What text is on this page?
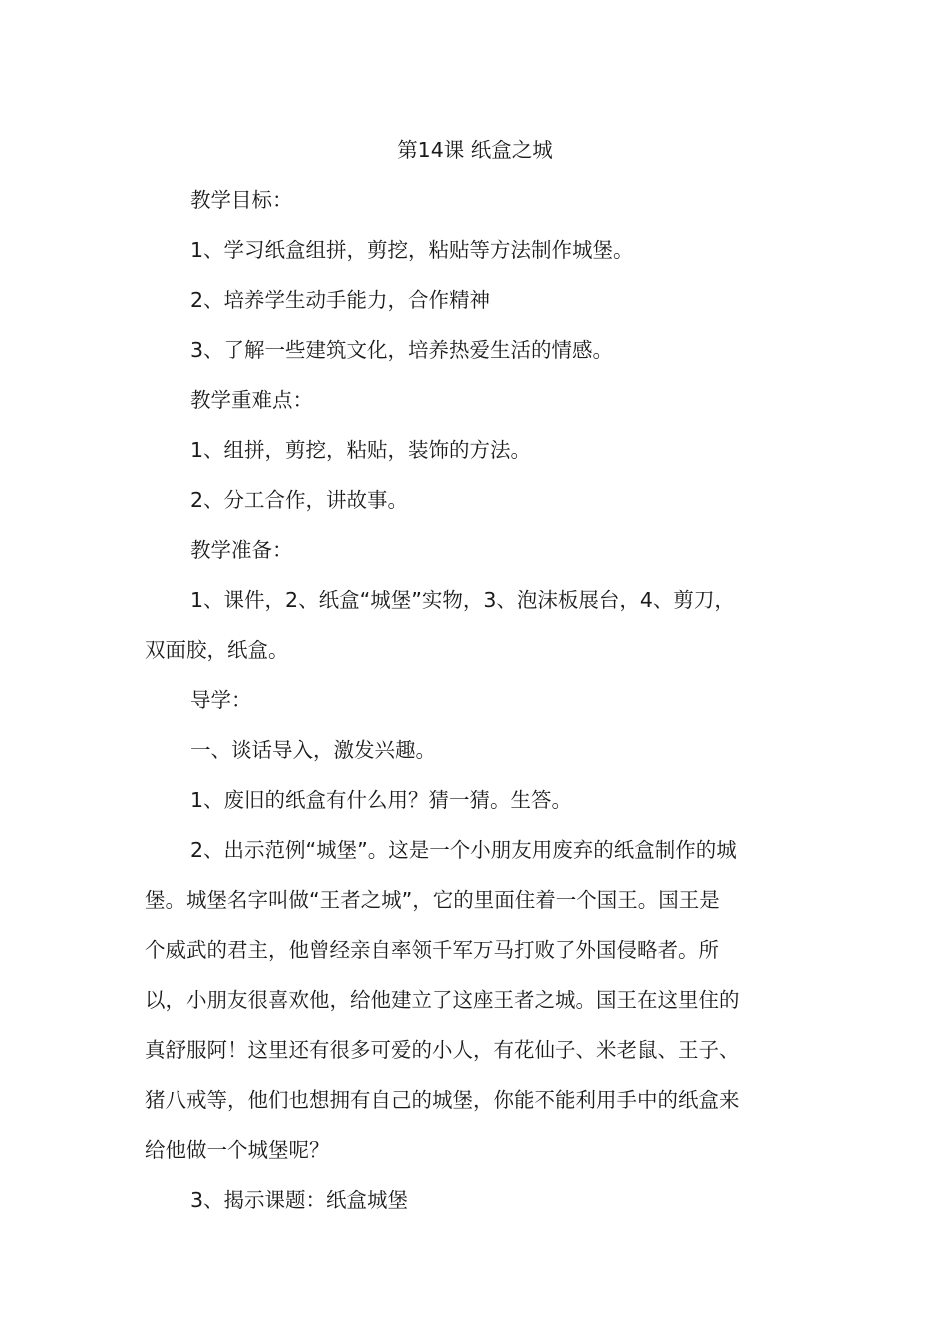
第14课 纸盒之城
教学目标：
1、学习纸盒组拼，剪挖，粘贴等方法制作城堡。
2、培养学生动手能力，合作精神
3、了解一些建筑文化，培养热爱生活的情感。
教学重难点：
1、组拼，剪挖，粘贴，装饰的方法。
2、分工合作，讲故事。
教学准备：
1、课件，2、纸盒“城堡”实物，3、泡沫板展台，4、剪刀，
双面胶，纸盒。
导学：
一、谈话导入，激发兴趣。
1、废旧的纸盒有什么用？猜一猜。生答。
2、出示范例“城堡”。这是一个小朋友用废弃的纸盒制作的城
堡。城堡名字叫做“王者之城”，它的里面住着一个国王。国王是
个威武的君主，他曾经亲自率领千军万马打败了外国侵略者。所
以，小朋友很喜欢他，给他建立了这座王者之城。国王在这里住的
真舒服阿！这里还有很多可爱的小人，有花仙子、米老鼠、王子、
猪八戒等，他们也想拥有自己的城堡，你能不能利用手中的纸盒来
给他做一个城堡呢？
3、揭示课题：纸盒城堡
